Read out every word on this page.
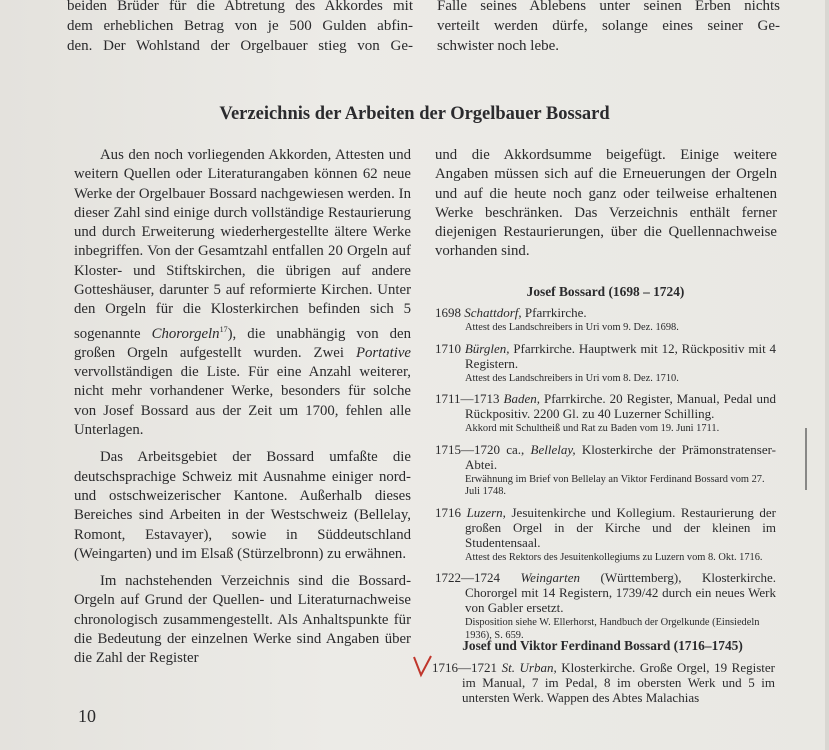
beiden Brüder für die Abtretung des Akkordes mit
dem erheblichen Betrag von je 500 Gulden abfin-
den. Der Wohlstand der Orgelbauer stieg von Ge-
Falle seines Ablebens unter seinen Erben nichts
verteilt werden dürfe, solange eines seiner Ge-
schwister noch lebe.
Verzeichnis der Arbeiten der Orgelbauer Bossard

Aus den noch vorliegenden Akkorden, Attesten und weitern Quellen oder Literaturangaben können 62 neue Werke der Orgelbauer Bossard nachgewiesen werden. In dieser Zahl sind einige durch vollständige Restaurierung und durch Erweiterung wiederhergestellte ältere Werke inbegriffen. Von der Gesamtzahl entfallen 20 Orgeln auf Kloster- und Stiftskirchen, die übrigen auf andere Gotteshäuser, darunter 5 auf reformierte Kirchen. Unter den Orgeln für die Klosterkirchen befinden sich 5 sogenannte Chororgeln$^{17}$), die unabhängig von den großen Orgeln aufgestellt wurden. Zwei Portative vervollständigen die Liste. Für eine Anzahl weiterer, nicht mehr vorhandener Werke, besonders für solche von Josef Bossard aus der Zeit um 1700, fehlen alle Unterlagen.

Das Arbeitsgebiet der Bossard umfaßte die deutschsprachige Schweiz mit Ausnahme einiger nord- und ostschweizerischer Kantone. Außerhalb dieses Bereiches sind Arbeiten in der Westschweiz (Bellelay, Romont, Estavayer), sowie in Süddeutschland (Weingarten) und im Elsaß (Stürzelbronn) zu erwähnen.

Im nachstehenden Verzeichnis sind die Bossard-Orgeln auf Grund der Quellen- und Literaturnachweise chronologisch zusammengestellt. Als Anhaltspunkte für die Bedeutung der einzelnen Werke sind Angaben über die Zahl der Register

und die Akkordsumme beigefügt. Einige weitere Angaben müssen sich auf die Erneuerungen der Orgeln und auf die heute noch ganz oder teilweise erhaltenen Werke beschränken. Das Verzeichnis enthält ferner diejenigen Restaurierungen, über die Quellennachweise vorhanden sind.

Josef Bossard (1698 – 1724)
1698 Schattdorf, Pfarrkirche.
Attest des Landschreibers in Uri vom 9. Dez. 1698.
1710 Bürglen, Pfarrkirche. Hauptwerk mit 12, Rückpositiv mit 4 Registern.
Attest des Landschreibers in Uri vom 8. Dez. 1710.
1711—1713 Baden, Pfarrkirche. 20 Register, Manual, Pedal und Rückpositiv. 2200 Gl. zu 40 Luzerner Schilling.
Akkord mit Schultheiß und Rat zu Baden vom 19. Juni 1711.
1715—1720 ca., Bellelay, Klosterkirche der Prämonstratenser-Abtei.
Erwähnung im Brief von Bellelay an Viktor Ferdinand Bossard vom 27. Juli 1748.
1716 Luzern, Jesuitenkirche und Kollegium. Restaurierung der großen Orgel in der Kirche und der kleinen im Studentensaal.
Attest des Rektors des Jesuitenkollegiums zu Luzern vom 8. Okt. 1716.
1722—1724 Weingarten (Württemberg), Klosterkirche. Chororgel mit 14 Registern, 1739/42 durch ein neues Werk von Gabler ersetzt.
Disposition siehe W. Ellerhorst, Handbuch der Orgelkunde (Einsiedeln 1936), S. 659.
Josef und Viktor Ferdinand Bossard (1716–1745)
1716—1721 St. Urban, Klosterkirche. Große Orgel, 19 Register im Manual, 7 im Pedal, 8 im obersten Werk und 5 im untersten Werk. Wappen des Abtes Malachias
10
